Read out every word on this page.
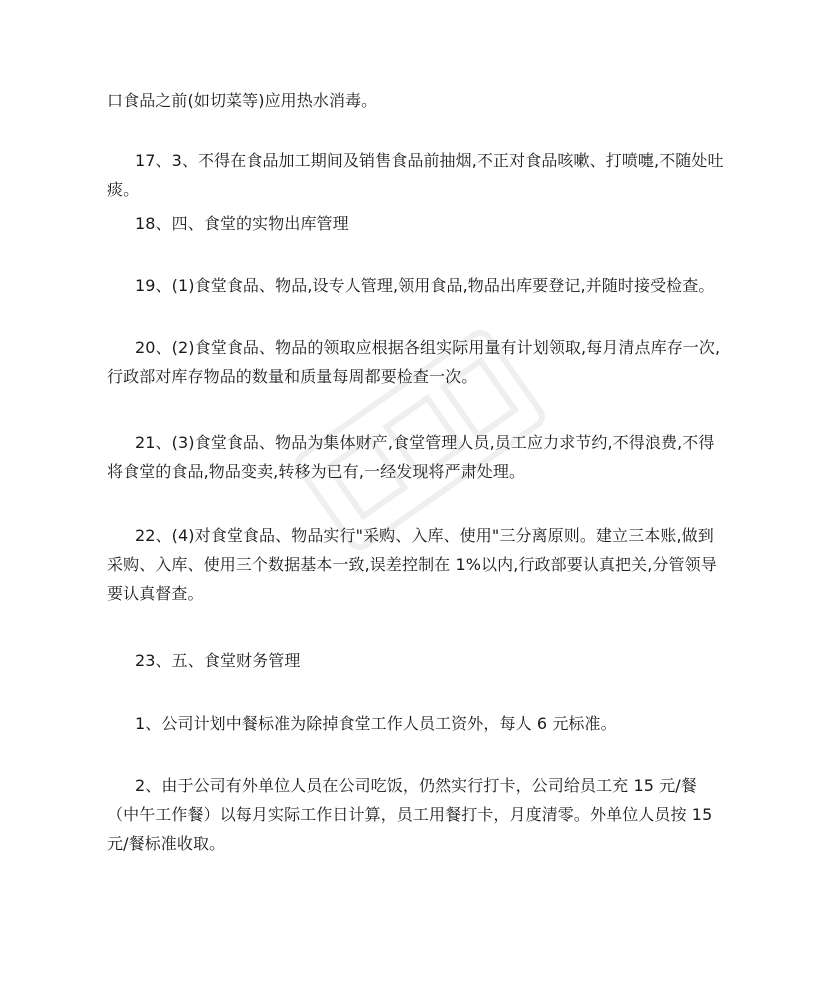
口食品之前(如切菜等)应用热水消毒。

17、3、不得在食品加工期间及销售食品前抽烟,不正对食品咳嗽、打喷嚏,不随处吐痰。

18、四、食堂的实物出库管理

19、(1)食堂食品、物品,设专人管理,领用食品,物品出库要登记,并随时接受检查。

20、(2)食堂食品、物品的领取应根据各组实际用量有计划领取,每月清点库存一次,行政部对库存物品的数量和质量每周都要检查一次。

21、(3)食堂食品、物品为集体财产,食堂管理人员,员工应力求节约,不得浪费,不得将食堂的食品,物品变卖,转移为已有,一经发现将严肃处理。

22、(4)对食堂食品、物品实行"采购、入库、使用"三分离原则。建立三本账,做到采购、入库、使用三个数据基本一致,误差控制在 1%以内,行政部要认真把关,分管领导要认真督查。

23、五、食堂财务管理

1、公司计划中餐标准为除掉食堂工作人员工资外，每人 6 元标准。

2、由于公司有外单位人员在公司吃饭，仍然实行打卡，公司给员工充 15 元/餐（中午工作餐）以每月实际工作日计算，员工用餐打卡，月度清零。外单位人员按 15 元/餐标准收取。
